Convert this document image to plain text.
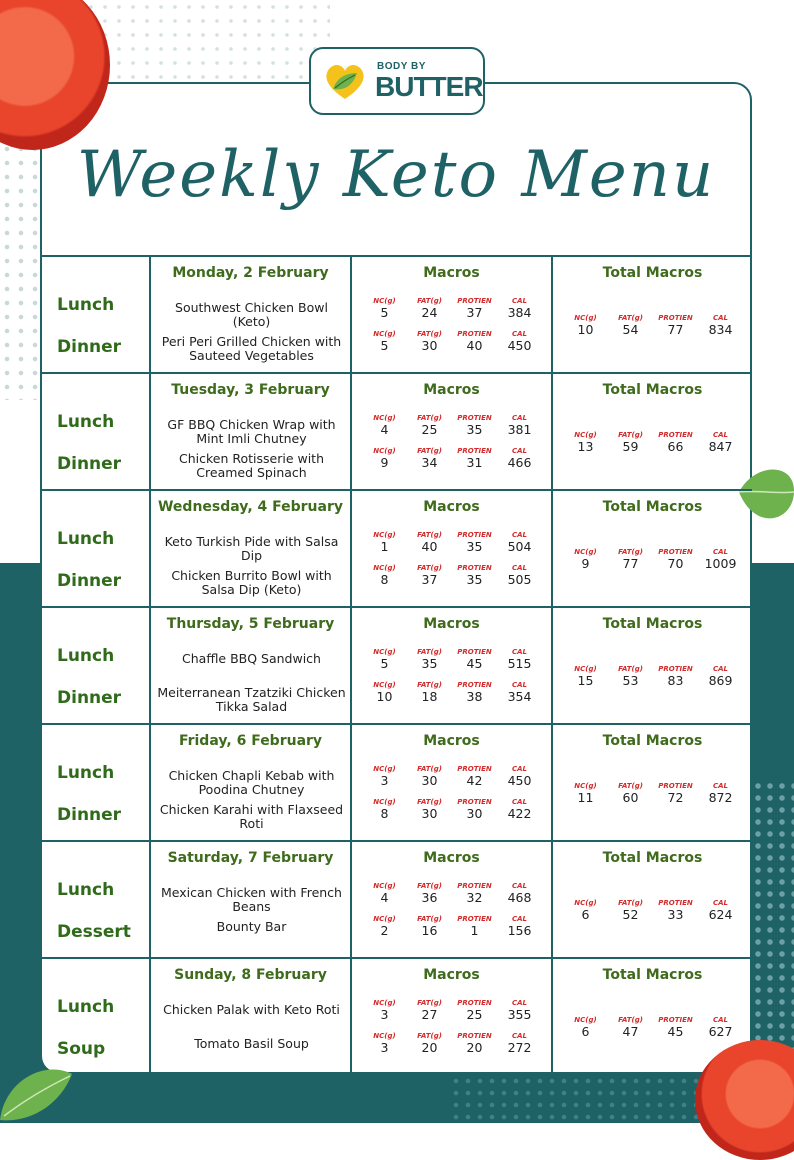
BODY BY
BUTTER
Weekly Keto Menu
Lunch
Dinner
Monday, 2 February
Southwest Chicken Bowl (Keto)
Peri Peri Grilled Chicken with Sauteed Vegetables
Macros
NC(g)
5
FAT(g)
24
PROTIEN
37
CAL
384
NC(g)
5
FAT(g)
30
PROTIEN
40
CAL
450
Total Macros
NC(g)
10
FAT(g)
54
PROTIEN
77
CAL
834
Lunch
Dinner
Tuesday, 3 February
GF BBQ Chicken Wrap with Mint Imli Chutney
Chicken Rotisserie with Creamed Spinach
Macros
NC(g)
4
FAT(g)
25
PROTIEN
35
CAL
381
NC(g)
9
FAT(g)
34
PROTIEN
31
CAL
466
Total Macros
NC(g)
13
FAT(g)
59
PROTIEN
66
CAL
847
Lunch
Dinner
Wednesday, 4 February
Keto Turkish Pide with Salsa Dip
Chicken Burrito Bowl with Salsa Dip (Keto)
Macros
NC(g)
1
FAT(g)
40
PROTIEN
35
CAL
504
NC(g)
8
FAT(g)
37
PROTIEN
35
CAL
505
Total Macros
NC(g)
9
FAT(g)
77
PROTIEN
70
CAL
1009
Lunch
Dinner
Thursday, 5 February
Chaffle BBQ Sandwich
Meiterranean Tzatziki Chicken Tikka Salad
Macros
NC(g)
5
FAT(g)
35
PROTIEN
45
CAL
515
NC(g)
10
FAT(g)
18
PROTIEN
38
CAL
354
Total Macros
NC(g)
15
FAT(g)
53
PROTIEN
83
CAL
869
Lunch
Dinner
Friday, 6 February
Chicken Chapli Kebab with Poodina Chutney
Chicken Karahi with Flaxseed Roti
Macros
NC(g)
3
FAT(g)
30
PROTIEN
42
CAL
450
NC(g)
8
FAT(g)
30
PROTIEN
30
CAL
422
Total Macros
NC(g)
11
FAT(g)
60
PROTIEN
72
CAL
872
Lunch
Dessert
Saturday, 7 February
Mexican Chicken with French Beans
Bounty Bar
Macros
NC(g)
4
FAT(g)
36
PROTIEN
32
CAL
468
NC(g)
2
FAT(g)
16
PROTIEN
1
CAL
156
Total Macros
NC(g)
6
FAT(g)
52
PROTIEN
33
CAL
624
Lunch
Soup
Sunday, 8 February
Chicken Palak with Keto Roti
Tomato Basil Soup
Macros
NC(g)
3
FAT(g)
27
PROTIEN
25
CAL
355
NC(g)
3
FAT(g)
20
PROTIEN
20
CAL
272
Total Macros
NC(g)
6
FAT(g)
47
PROTIEN
45
CAL
627
